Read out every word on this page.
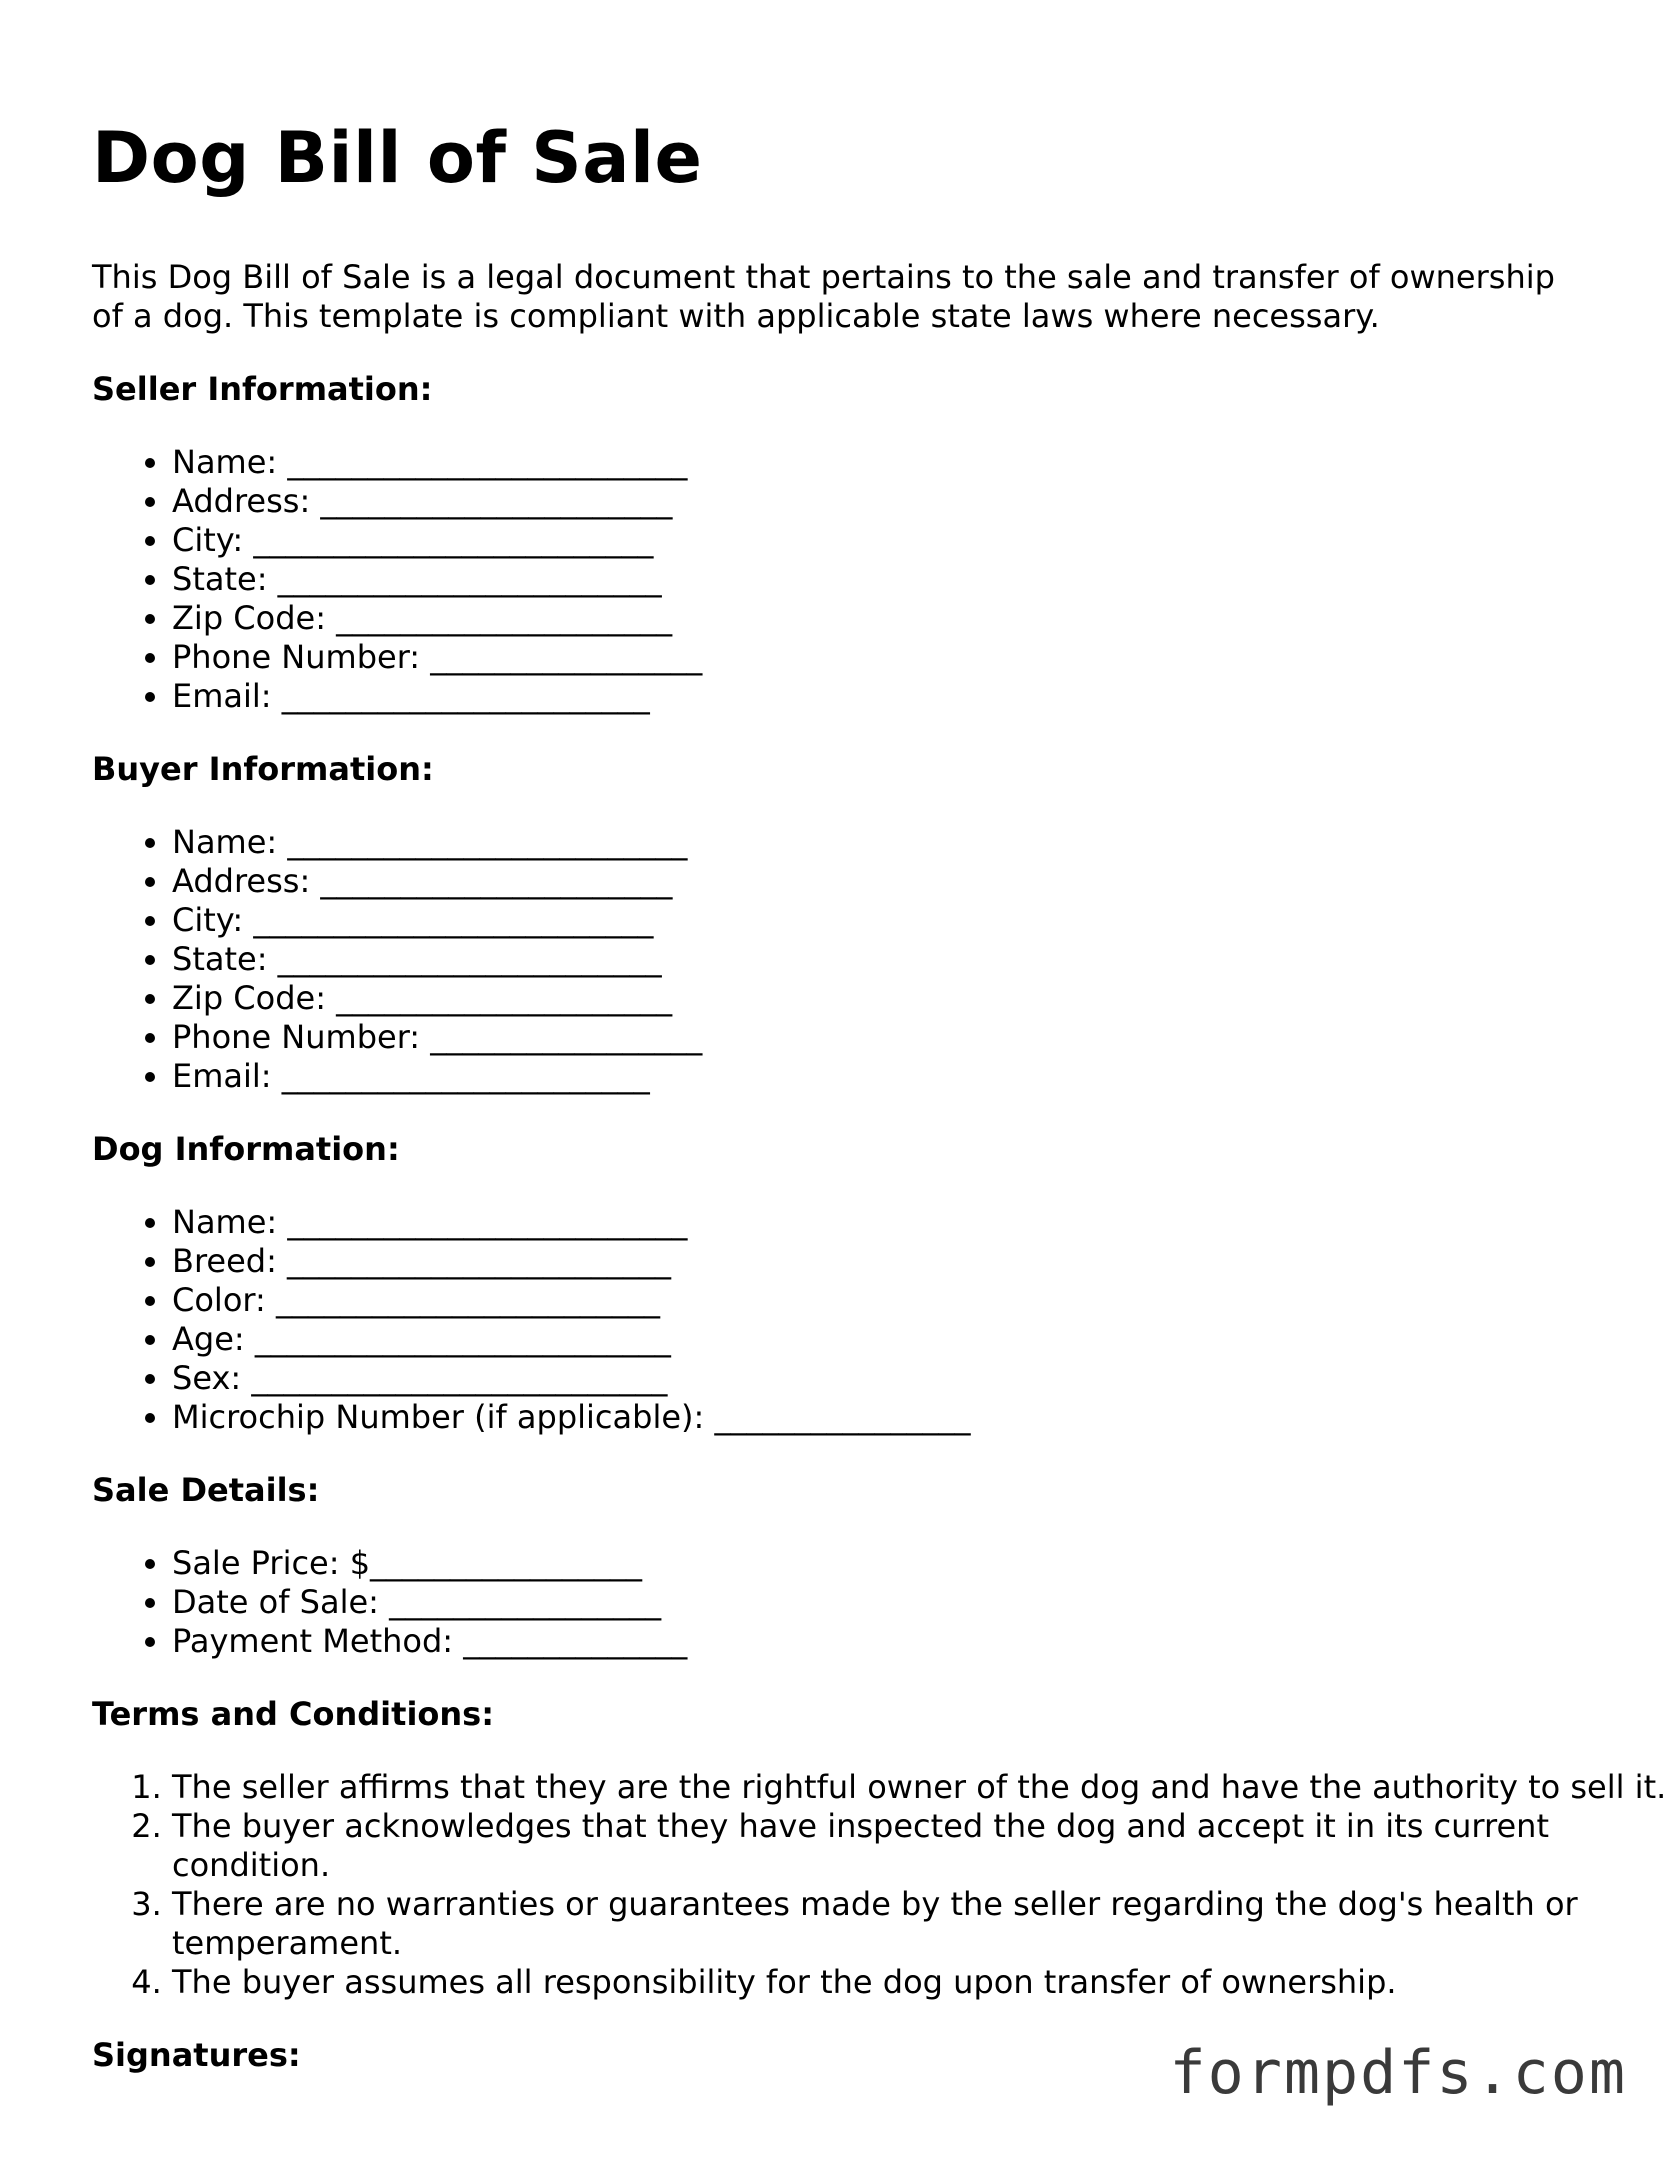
Dog Bill of Sale

This Dog Bill of Sale is a legal document that pertains to the sale and transfer of ownership of a dog. This template is compliant with applicable state laws where necessary.

Seller Information:
• Name: _________________________
• Address: ______________________
• City: _________________________
• State: ________________________
• Zip Code: _____________________
• Phone Number: _________________
• Email: _______________________
Buyer Information:
• Name: _________________________
• Address: ______________________
• City: _________________________
• State: ________________________
• Zip Code: _____________________
• Phone Number: _________________
• Email: _______________________
Dog Information:
• Name: _________________________
• Breed: ________________________
• Color: ________________________
• Age: __________________________
• Sex: __________________________
• Microchip Number (if applicable): ________________
Sale Details:
• Sale Price: $_________________
• Date of Sale: _________________
• Payment Method: ______________
Terms and Conditions:
1. The seller affirms that they are the rightful owner of the dog and have the authority to sell it.
2. The buyer acknowledges that they have inspected the dog and accept it in its current condition.
3. There are no warranties or guarantees made by the seller regarding the dog's health or temperament.
4. The buyer assumes all responsibility for the dog upon transfer of ownership.
Signatures:	formpdfs.com
